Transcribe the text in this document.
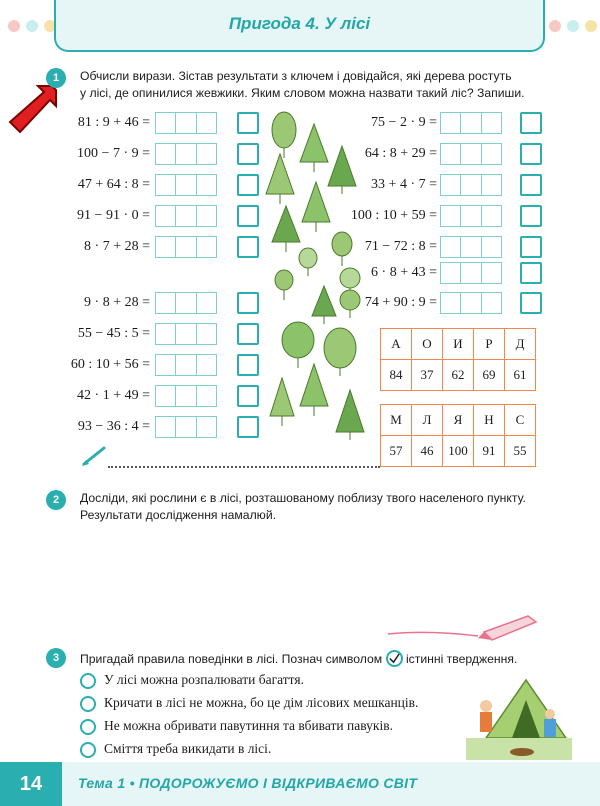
Пригода 4. У лісі
1	Обчисли вирази. Зістав результати з ключем і довідайся, які дерева ростуть
у лісі, де опинилися жевжики. Яким словом можна назвати такий ліс? Запиши.
81 : 9 + 46 =
100 − 7 · 9 =
47 + 64 : 8 =
91 − 91 · 0 =
8 · 7 + 28 =
9 · 8 + 28 =
55 − 45 : 5 =
60 : 10 + 56 =
42 · 1 + 49 =
93 − 36 : 4 =
75 − 2 · 9 =
64 : 8 + 29 =
33 + 4 · 7 =
100 : 10 + 59 =
71 − 72 : 8 =
6 · 8 + 43 =
74 + 90 : 9 =
А	О	И	Р	Д
84	37	62	69	61
М	Л	Я	Н	С
57	46	100	91	55
2	Досліди, які рослини є в лісі, розташованому поблизу твого населеного пункту.
Результати дослідження намалюй.
3	Пригадай правила поведінки в лісі. Познач символом істинні твердження.
У лісі можна розпалювати багаття.
Кричати в лісі не можна, бо це дім лісових мешканців.
Не можна обривати павутиння та вбивати павуків.
Сміття треба викидати в лісі.
14	Тема 1 • ПОДОРОЖУЄМО І ВІДКРИВАЄМО СВІТ
